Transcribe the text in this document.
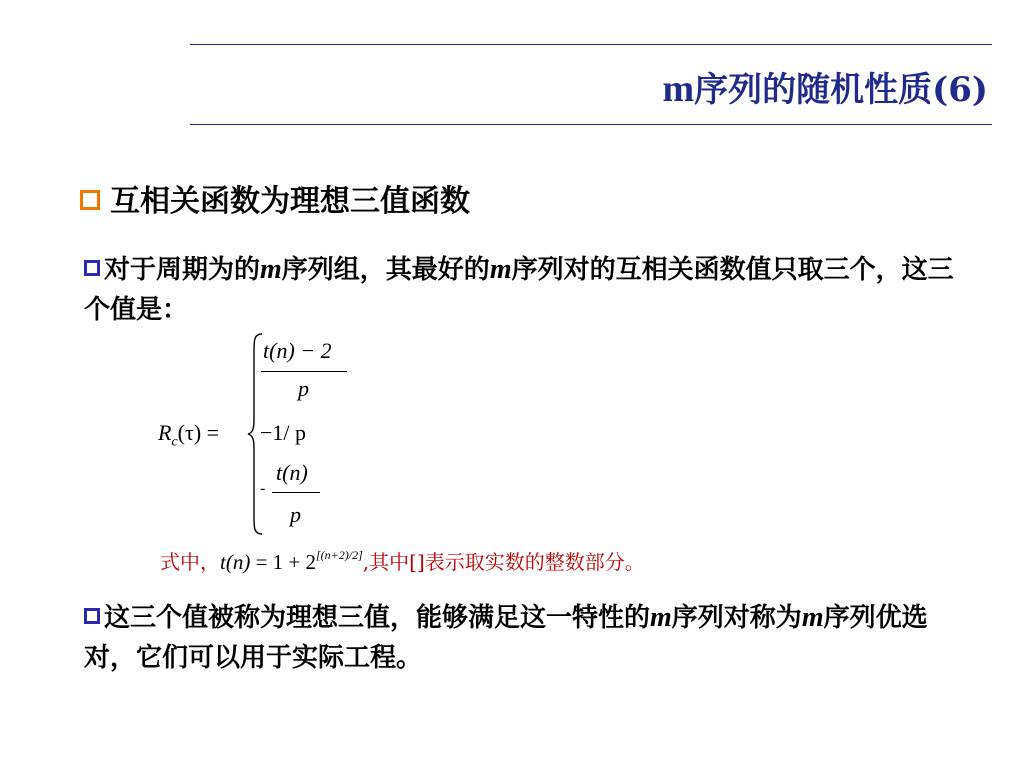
m序列的随机性质(6)
互相关函数为理想三值函数
对于周期为的m序列组，其最好的m序列对的互相关函数值只取三个，这三个值是：
$R_c(\tau)$ =
t(n) − 2
p
−1/ p
-
t(n)
p
式中，t(n) = 1 + 2[(n+2)/2],其中[]表示取实数的整数部分。
这三个值被称为理想三值，能够满足这一特性的m序列对称为m序列优选对，它们可以用于实际工程。
